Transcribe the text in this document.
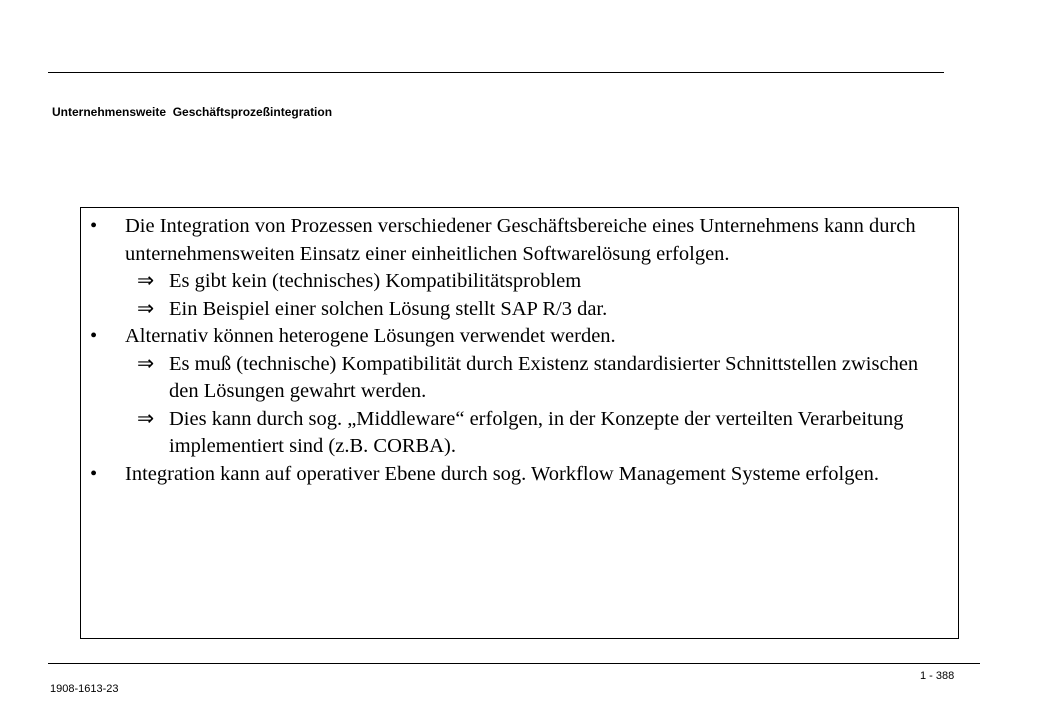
Unternehmensweite  Geschäftsprozeßintegration
• Die Integration von Prozessen verschiedener Geschäftsbereiche eines Unternehmens kann durch unternehmensweiten Einsatz einer einheitlichen Softwarelösung erfolgen.
⇒ Es gibt kein (technisches) Kompatibilitätsproblem
⇒ Ein Beispiel einer solchen Lösung stellt SAP R/3 dar.
• Alternativ können heterogene Lösungen verwendet werden.
⇒ Es muß (technische) Kompatibilität durch Existenz standardisierter Schnittstellen zwischen den Lösungen gewahrt werden.
⇒ Dies kann durch sog. „Middleware“ erfolgen, in der Konzepte der verteilten Verarbeitung implementiert sind (z.B. CORBA).
• Integration kann auf operativer Ebene durch sog. Workflow Management Systeme erfolgen.
1908-1613-23
1 - 388
